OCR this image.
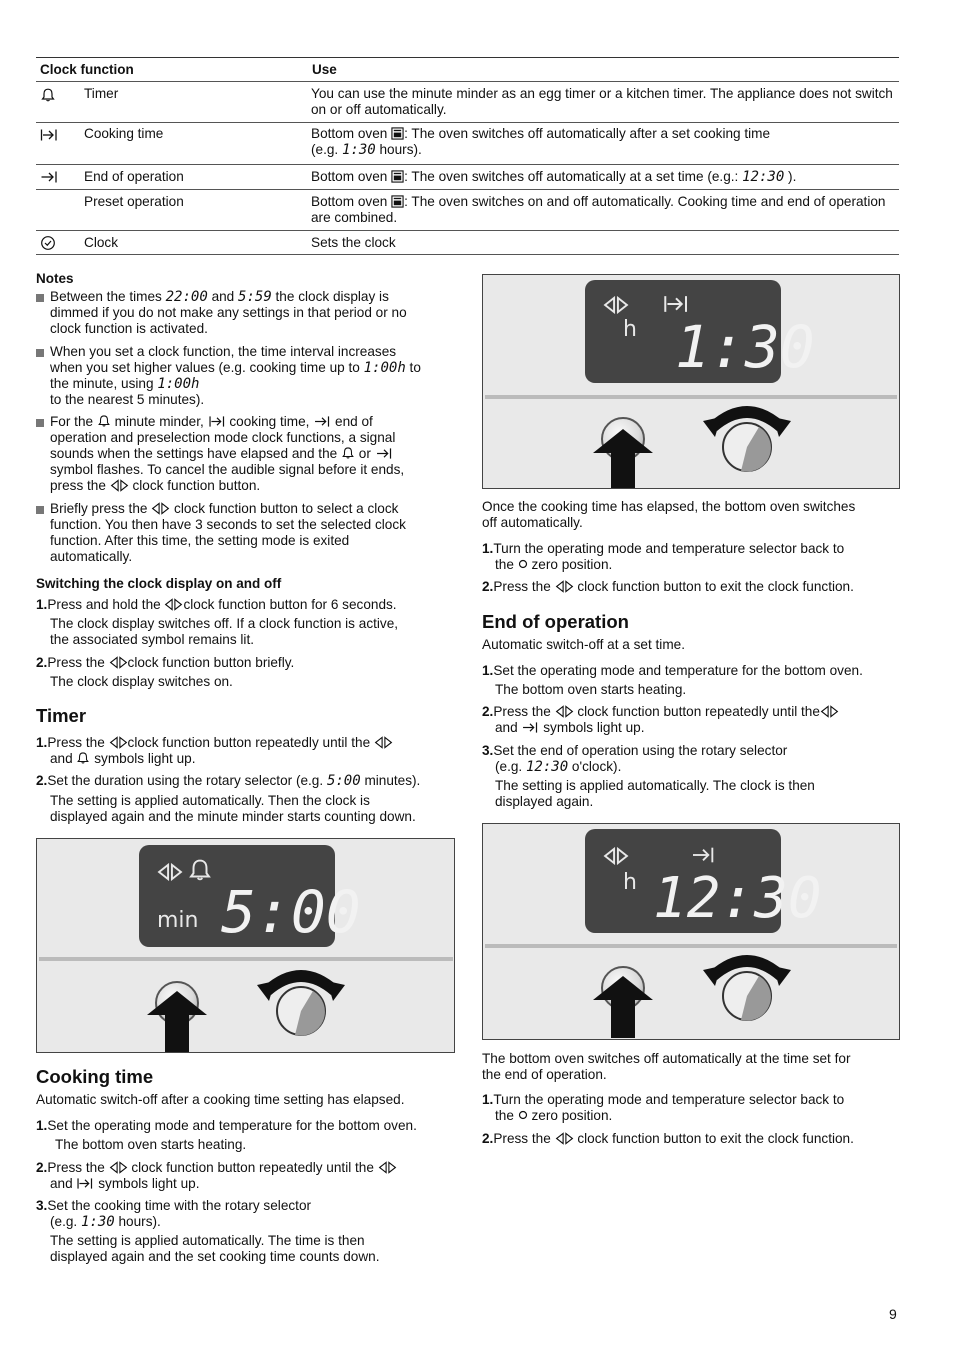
Clock function	Use
Timer	You can use the minute minder as an egg timer or a kitchen timer. The appliance does not switch on or off automatically.
Cooking time	Bottom oven : The oven switches off automatically after a set cooking time
(e.g. 1:30 hours).
End of operation	Bottom oven : The oven switches off automatically at a set time (e.g.: 12:30 ).
Preset operation	Bottom oven : The oven switches on and off automatically. Cooking time and end of operation are combined.
Clock	Sets the clock
Notes
Between the times 22:00 and 5:59 the clock display is
dimmed if you do not make any settings in that period or no
clock function is activated.
When you set a clock function, the time interval increases
when you set higher values (e.g. cooking time up to 1:00h to
the minute, using 1:00h
to the nearest 5 minutes).
For the minute minder, cooking time, end of
operation and preselection mode clock functions, a signal
sounds when the settings have elapsed and the or
symbol flashes. To cancel the audible signal before it ends,
press the clock function button.
Briefly press the clock function button to select a clock
function. You then have 3 seconds to set the selected clock
function. After this time, the setting mode is exited
automatically.
Switching the clock display on and off
1.Press and hold the clock function button for 6 seconds.
The clock display switches off. If a clock function is active,
the associated symbol remains lit.
2.Press the clock function button briefly.
The clock display switches on.
Timer
1.Press the clock function button repeatedly until the
and symbols light up.
2.Set the duration using the rotary selector (e.g. 5:00 minutes).
The setting is applied automatically. Then the clock is
displayed again and the minute minder starts counting down.
min 5:00
Cooking time
Automatic switch-off after a cooking time setting has elapsed.
1.Set the operating mode and temperature for the bottom oven.
The bottom oven starts heating.
2.Press the clock function button repeatedly until the
and symbols light up.
3.Set the cooking time with the rotary selector
(e.g. 1:30 hours).
The setting is applied automatically. The time is then
displayed again and the set cooking time counts down.
h 1:30
Once the cooking time has elapsed, the bottom oven switches
off automatically.
1.Turn the operating mode and temperature selector back to
the zero position.
2.Press the clock function button to exit the clock function.
End of operation
Automatic switch-off at a set time.
1.Set the operating mode and temperature for the bottom oven.
The bottom oven starts heating.
2.Press the clock function button repeatedly until the
and symbols light up.
3.Set the end of operation using the rotary selector
(e.g. 12:30 o'clock).
The setting is applied automatically. The clock is then
displayed again.
h 12:30
The bottom oven switches off automatically at the time set for
the end of operation.
1.Turn the operating mode and temperature selector back to
the zero position.
2.Press the clock function button to exit the clock function.
9
